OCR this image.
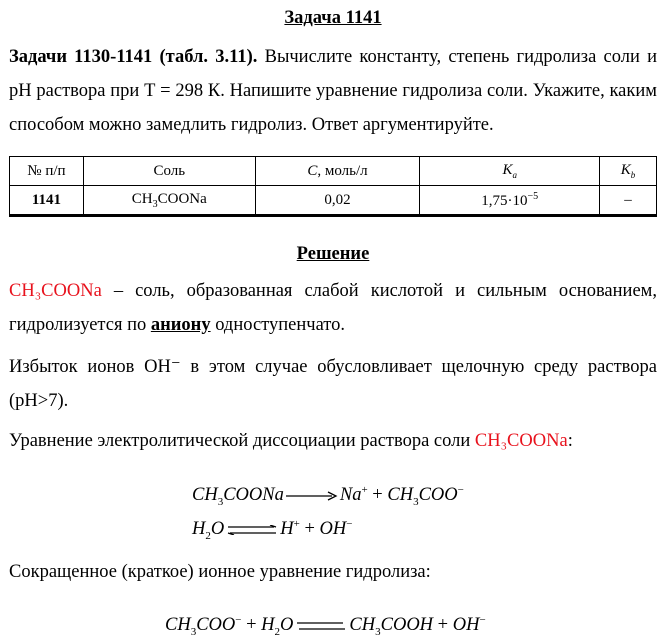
Задача 1141
Задачи 1130-1141 (табл. 3.11). Вычислите константу, степень гидролиза соли и pH раствора при Т = 298 К. Напишите уравнение гидролиза соли. Укажите, каким способом можно замедлить гидролиз. Ответ аргументируйте.
№ п/п	Соль	C, моль/л	$K_a$	$K_b$
1141	$CH_3COONa$	0,02	$1,75\cdot 10^{-5}$	–
Решение
CH₃COONa – соль, образованная слабой кислотой и сильным основанием, гидролизуется по аниону одноступенчато.
Избыток ионов OH⁻ в этом случае обусловливает щелочную среду раствора (pH>7).
Уравнение электролитической диссоциации раствора соли CH₃COONa:
$CH_3COONa$	$Na^+ + CH_3COO^-$
$H_2O$ ⇌ H+ + OH−
Сокращенное (краткое) ионное уравнение гидролиза:
$CH_3COO^- + H_2O$	$CH_3COOH + OH^-$
